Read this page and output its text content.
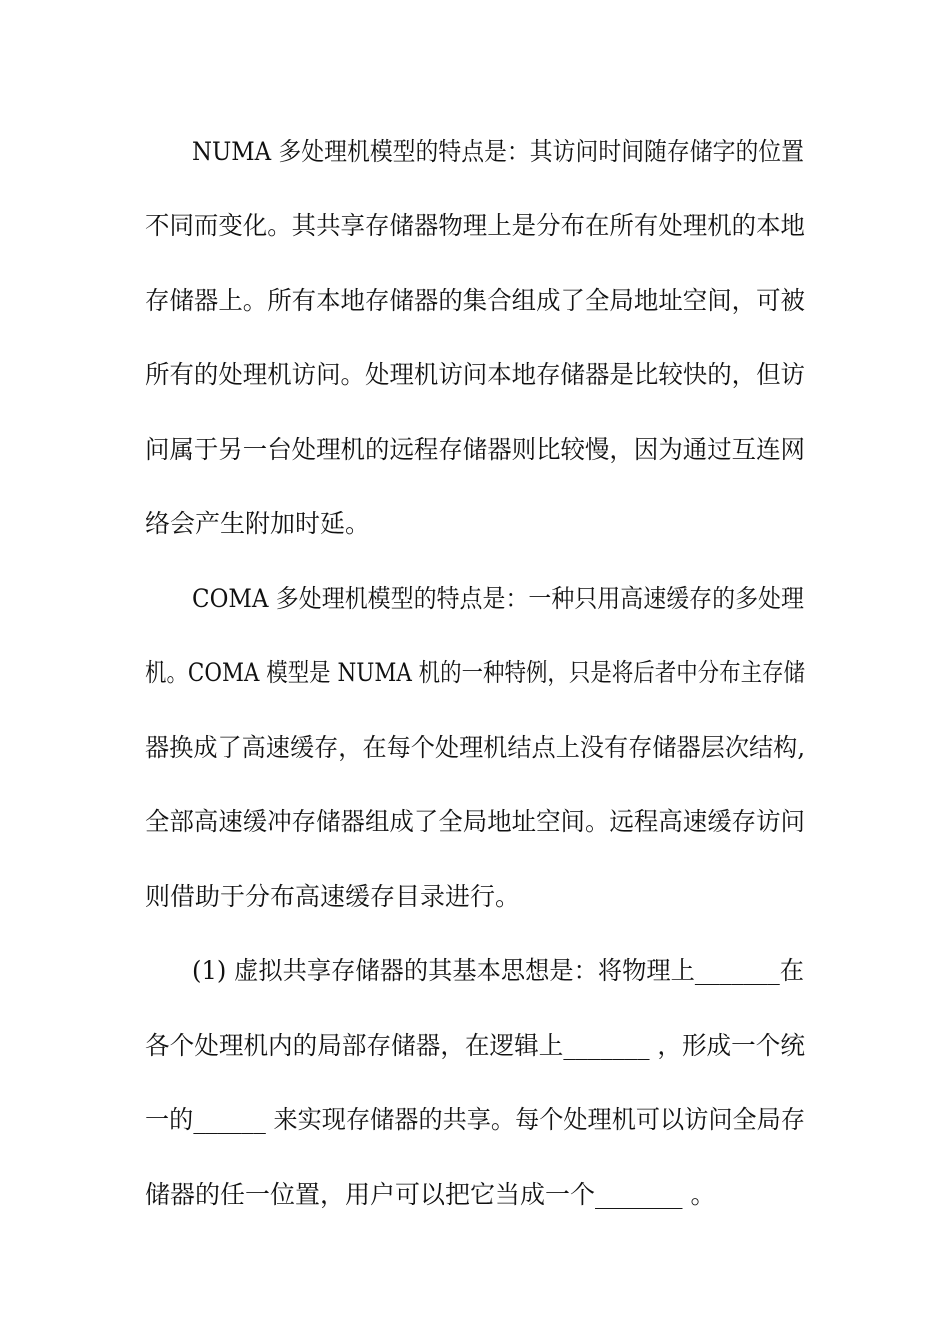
NUMA 多处理机模型的特点是：其访问时间随存储字的位置
不同而变化。其共享存储器物理上是分布在所有处理机的本地
存储器上。所有本地存储器的集合组成了全局地址空间，可被
所有的处理机访问。处理机访问本地存储器是比较快的，但访
问属于另一台处理机的远程存储器则比较慢，因为通过互连网
络会产生附加时延。
COMA 多处理机模型的特点是：一种只用高速缓存的多处理
机。COMA 模型是 NUMA 机的一种特例，只是将后者中分布主存储
器换成了高速缓存，在每个处理机结点上没有存储器层次结构,
全部高速缓冲存储器组成了全局地址空间。远程高速缓存访问
则借助于分布高速缓存目录进行。
(1) 虚拟共享存储器的其基本思想是：将物理上_______在
各个处理机内的局部存储器，在逻辑上_______ ，形成一个统
一的______ 来实现存储器的共享。每个处理机可以访问全局存
储器的任一位置，用户可以把它当成一个_______ 。
